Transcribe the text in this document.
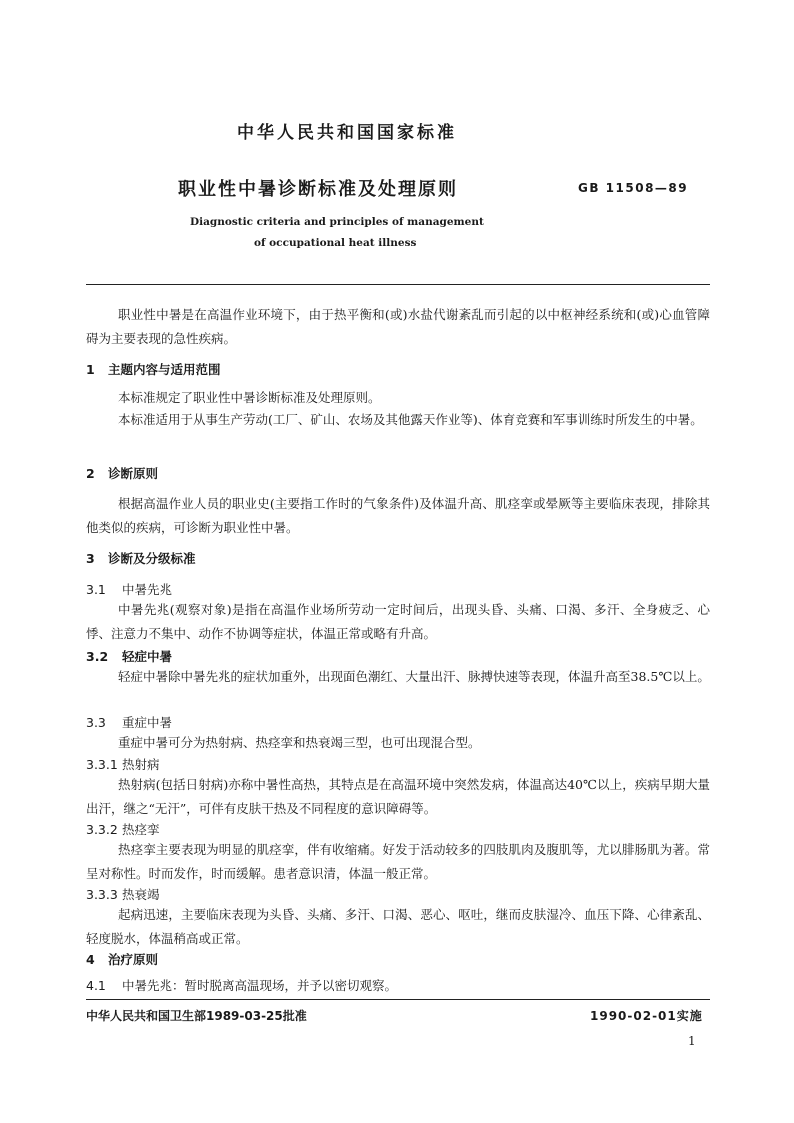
中华人民共和国国家标准
职业性中暑诊断标准及处理原则	GB 11508—89
Diagnostic criteria and principles of management
of occupational heat illness
职业性中暑是在高温作业环境下，由于热平衡和(或)水盐代谢紊乱而引起的以中枢神经系统和(或)心血管障碍为主要表现的急性疾病。
1 主题内容与适用范围
本标准规定了职业性中暑诊断标准及处理原则。
本标准适用于从事生产劳动(工厂、矿山、农场及其他露天作业等)、体育竞赛和军事训练时所发生的中暑。
2 诊断原则
根据高温作业人员的职业史(主要指工作时的气象条件)及体温升高、肌痉挛或晕厥等主要临床表现，排除其他类似的疾病，可诊断为职业性中暑。
3 诊断及分级标准
3.1 中暑先兆
中暑先兆(观察对象)是指在高温作业场所劳动一定时间后，出现头昏、头痛、口渴、多汗、全身疲乏、心悸、注意力不集中、动作不协调等症状，体温正常或略有升高。
3.2 轻症中暑
轻症中暑除中暑先兆的症状加重外，出现面色潮红、大量出汗、脉搏快速等表现，体温升高至38.5℃以上。
3.3 重症中暑
重症中暑可分为热射病、热痉挛和热衰竭三型，也可出现混合型。
3.3.1 热射病
热射病(包括日射病)亦称中暑性高热，其特点是在高温环境中突然发病，体温高达40℃以上，疾病早期大量出汗，继之“无汗”，可伴有皮肤干热及不同程度的意识障碍等。
3.3.2 热痉挛
热痉挛主要表现为明显的肌痉挛，伴有收缩痛。好发于活动较多的四肢肌肉及腹肌等，尤以腓肠肌为著。常呈对称性。时而发作，时而缓解。患者意识清，体温一般正常。
3.3.3 热衰竭
起病迅速，主要临床表现为头昏、头痛、多汗、口渴、恶心、呕吐，继而皮肤湿冷、血压下降、心律紊乱、轻度脱水，体温稍高或正常。
4 治疗原则
4.1 中暑先兆：暂时脱离高温现场，并予以密切观察。
中华人民共和国卫生部1989-03-25批准	1990-02-01实施
1
